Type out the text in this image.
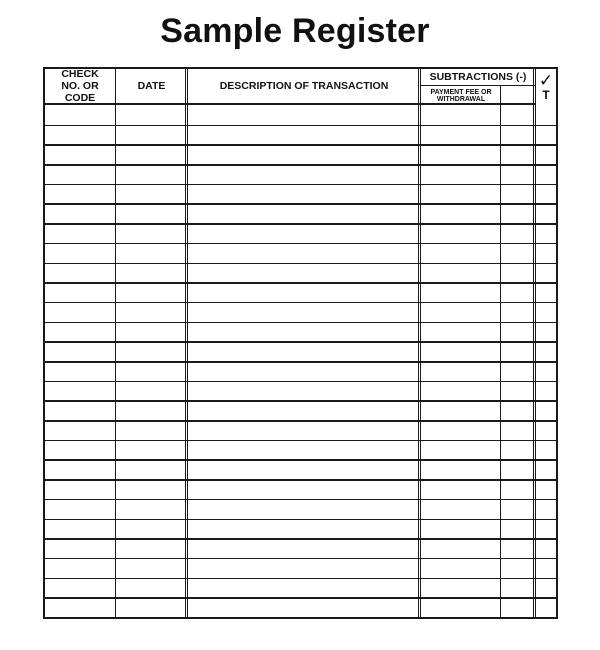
Sample Register
CHECK NO. OR CODE
DATE	DESCRIPTION OF TRANSACTION
SUBTRACTIONS (-)
PAYMENT FEE OR WITHDRAWAL
✓
T
